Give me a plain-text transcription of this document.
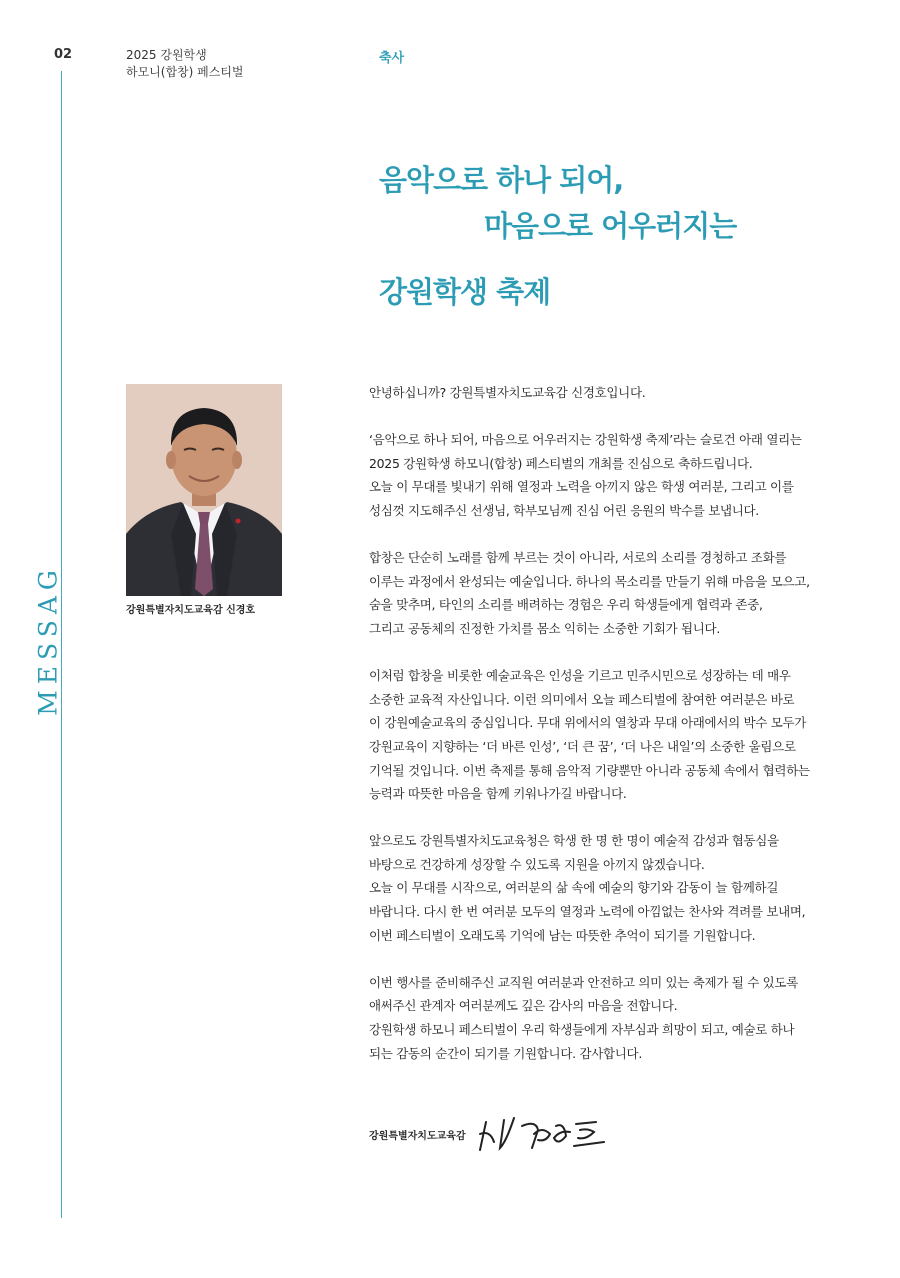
02	2025 강원학생
하모니(합창) 페스티벌
축사
MESSAG
음악으로 하나 되어,
마음으로 어우러지는
강원학생 축제
강원특별자치도교육감 신경호
안녕하십니까? 강원특별자치도교육감 신경호입니다.
‘음악으로 하나 되어, 마음으로 어우러지는 강원학생 축제’라는 슬로건 아래 열리는
2025 강원학생 하모니(합창) 페스티벌의 개최를 진심으로 축하드립니다.
오늘 이 무대를 빛내기 위해 열정과 노력을 아끼지 않은 학생 여러분, 그리고 이를
성심껏 지도해주신 선생님, 학부모님께 진심 어린 응원의 박수를 보냅니다.
합창은 단순히 노래를 함께 부르는 것이 아니라, 서로의 소리를 경청하고 조화를
이루는 과정에서 완성되는 예술입니다. 하나의 목소리를 만들기 위해 마음을 모으고,
숨을 맞추며, 타인의 소리를 배려하는 경험은 우리 학생들에게 협력과 존중,
그리고 공동체의 진정한 가치를 몸소 익히는 소중한 기회가 됩니다.
이처럼 합창을 비롯한 예술교육은 인성을 기르고 민주시민으로 성장하는 데 매우
소중한 교육적 자산입니다. 이런 의미에서 오늘 페스티벌에 참여한 여러분은 바로
이 강원예술교육의 중심입니다. 무대 위에서의 열창과 무대 아래에서의 박수 모두가
강원교육이 지향하는 ‘더 바른 인성’, ‘더 큰 꿈’, ‘더 나은 내일’의 소중한 울림으로
기억될 것입니다. 이번 축제를 통해 음악적 기량뿐만 아니라 공동체 속에서 협력하는
능력과 따뜻한 마음을 함께 키워나가길 바랍니다.
앞으로도 강원특별자치도교육청은 학생 한 명 한 명이 예술적 감성과 협동심을
바탕으로 건강하게 성장할 수 있도록 지원을 아끼지 않겠습니다.
오늘 이 무대를 시작으로, 여러분의 삶 속에 예술의 향기와 감동이 늘 함께하길
바랍니다. 다시 한 번 여러분 모두의 열정과 노력에 아낌없는 찬사와 격려를 보내며,
이번 페스티벌이 오래도록 기억에 남는 따뜻한 추억이 되기를 기원합니다.
이번 행사를 준비해주신 교직원 여러분과 안전하고 의미 있는 축제가 될 수 있도록
애써주신 관계자 여러분께도 깊은 감사의 마음을 전합니다.
강원학생 하모니 페스티벌이 우리 학생들에게 자부심과 희망이 되고, 예술로 하나
되는 감동의 순간이 되기를 기원합니다. 감사합니다.
강원특별자치도교육감
